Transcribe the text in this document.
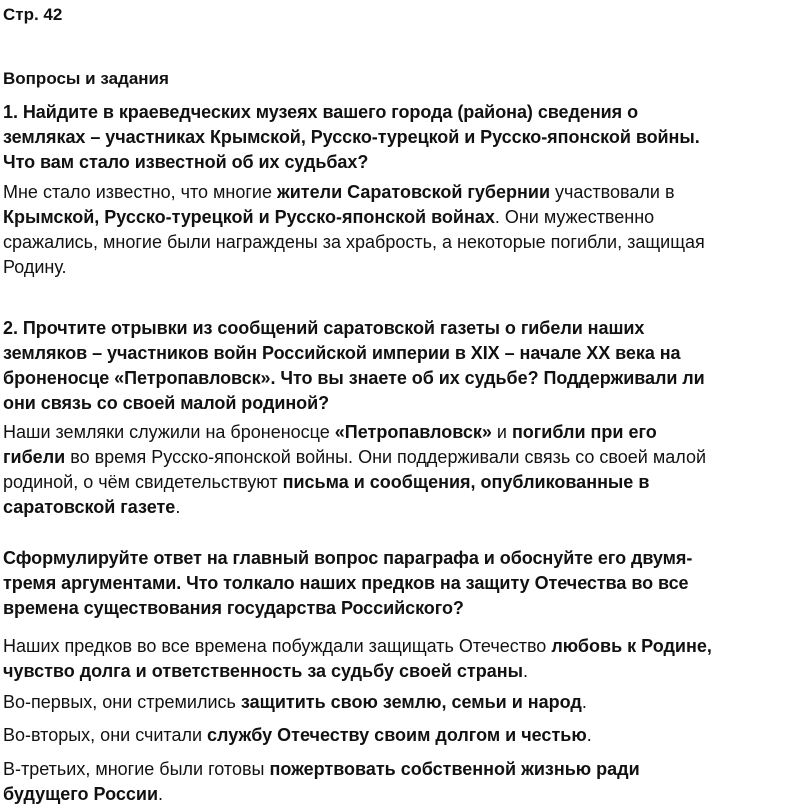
Стр. 42
Вопросы и задания
1. Найдите в краеведческих музеях вашего города (района) сведения о
земляках – участниках Крымской, Русско-турецкой и Русско-японской войны.
Что вам стало известной об их судьбах?
Мне стало известно, что многие жители Саратовской губернии участвовали в
Крымской, Русско-турецкой и Русско-японской войнах. Они мужественно
сражались, многие были награждены за храбрость, а некоторые погибли, защищая
Родину.
2. Прочтите отрывки из сообщений саратовской газеты о гибели наших
земляков – участников войн Российской империи в XIX – начале XX века на
броненосце «Петропавловск». Что вы знаете об их судьбе? Поддерживали ли
они связь со своей малой родиной?
Наши земляки служили на броненосце «Петропавловск» и погибли при его
гибели во время Русско-японской войны. Они поддерживали связь со своей малой
родиной, о чём свидетельствуют письма и сообщения, опубликованные в
саратовской газете.
Сформулируйте ответ на главный вопрос параграфа и обоснуйте его двумя-
тремя аргументами. Что толкало наших предков на защиту Отечества во все
времена существования государства Российского?
Наших предков во все времена побуждали защищать Отечество любовь к Родине,
чувство долга и ответственность за судьбу своей страны.
Во-первых, они стремились защитить свою землю, семьи и народ.
Во-вторых, они считали службу Отечеству своим долгом и честью.
В-третьих, многие были готовы пожертвовать собственной жизнью ради
будущего России.
